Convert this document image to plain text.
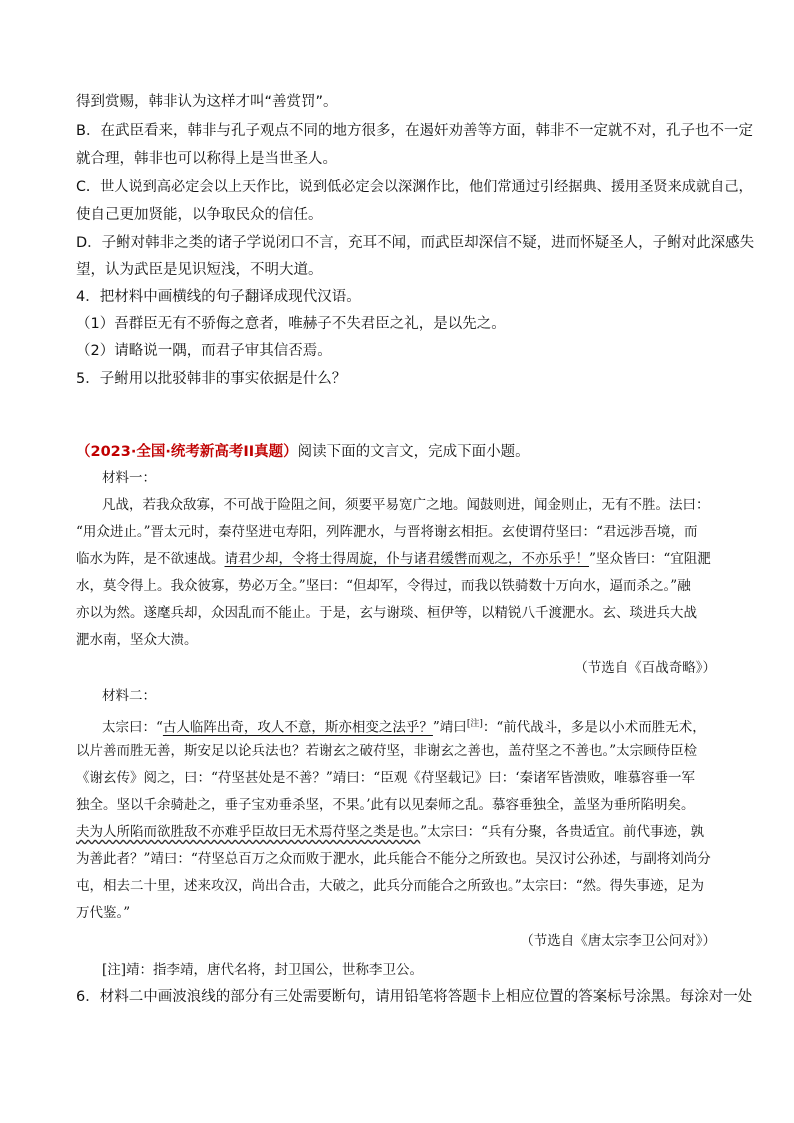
得到赏赐，韩非认为这样才叫“善赏罚”。
B．在武臣看来，韩非与孔子观点不同的地方很多，在遏奸劝善等方面，韩非不一定就不对，孔子也不一定
就合理，韩非也可以称得上是当世圣人。
C．世人说到高必定会以上天作比，说到低必定会以深渊作比，他们常通过引经据典、援用圣贤来成就自己，
使自己更加贤能，以争取民众的信任。
D．子鲋对韩非之类的诸子学说闭口不言，充耳不闻，而武臣却深信不疑，进而怀疑圣人，子鲋对此深感失
望，认为武臣是见识短浅，不明大道。
4．把材料中画横线的句子翻译成现代汉语。
（1）吾群臣无有不骄侮之意者，唯赫子不失君臣之礼，是以先之。
（2）请略说一隅，而君子审其信否焉。
5．子鲋用以批驳韩非的事实依据是什么？
（2023·全国·统考新高考II真题）阅读下面的文言文，完成下面小题。
材料一：
凡战，若我众敌寡，不可战于险阻之间，须要平易宽广之地。闻鼓则进，闻金则止，无有不胜。法曰：
“用众进止。”晋太元时，秦苻坚进屯寿阳，列阵淝水，与晋将谢玄相拒。玄使谓苻坚曰：“君远涉吾境，而
临水为阵，是不欲速战。请君少却，令将士得周旋，仆与诸君缓辔而观之，不亦乐乎！”坚众皆曰：“宜阻淝
水，莫令得上。我众彼寡，势必万全。”坚曰：“但却军，令得过，而我以铁骑数十万向水，逼而杀之。”融
亦以为然。遂麾兵却，众因乱而不能止。于是，玄与谢琰、桓伊等，以精锐八千渡淝水。玄、琰进兵大战
淝水南，坚众大溃。
（节选自《百战奇略》）
材料二：
太宗曰：“古人临阵出奇，攻人不意，斯亦相变之法乎？”靖曰[注]：“前代战斗，多是以小术而胜无术，
以片善而胜无善，斯安足以论兵法也？若谢玄之破苻坚，非谢玄之善也，盖苻坚之不善也。”太宗顾侍臣检
《谢玄传》阅之，曰：“苻坚甚处是不善？”靖曰：“臣观《苻坚载记》曰：‘秦诸军皆溃败，唯慕容垂一军
独全。坚以千余骑赴之，垂子宝劝垂杀坚，不果。’此有以见秦师之乱。慕容垂独全，盖坚为垂所陷明矣。
夫为人所陷而欲胜敌不亦难乎臣故曰无术焉苻坚之类是也。”太宗曰：“兵有分聚，各贵适宜。前代事迹，孰
为善此者？”靖曰：“苻坚总百万之众而败于淝水，此兵能合不能分之所致也。吴汉讨公孙述，与副将刘尚分
屯，相去二十里，述来攻汉，尚出合击，大破之，此兵分而能合之所致也。”太宗曰：“然。得失事迹，足为
万代鉴。”
（节选自《唐太宗李卫公问对》）
[注]靖：指李靖，唐代名将，封卫国公，世称李卫公。
6．材料二中画波浪线的部分有三处需要断句，请用铅笔将答题卡上相应位置的答案标号涂黑。每涂对一处
